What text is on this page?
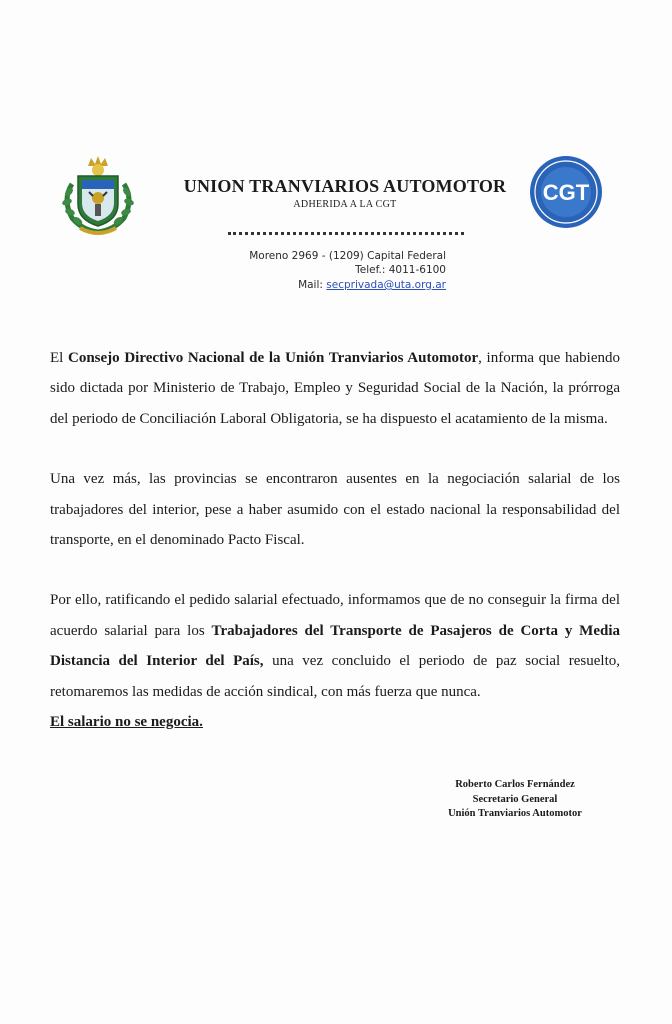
UNION TRANVIARIOS AUTOMOTOR
ADHERIDA A LA CGT	CGT
Moreno 2969 - (1209) Capital Federal
Telef.: 4011-6100
Mail: secprivada@uta.org.ar

El Consejo Directivo Nacional de la Unión Tranviarios Automotor, informa que habiendo sido dictada por Ministerio de Trabajo, Empleo y Seguridad Social de la Nación, la prórroga del periodo de Conciliación Laboral Obligatoria, se ha dispuesto el acatamiento de la misma.

Una vez más, las provincias se encontraron ausentes en la negociación salarial de los trabajadores del interior, pese a haber asumido con el estado nacional la responsabilidad del transporte, en el denominado Pacto Fiscal.

Por ello, ratificando el pedido salarial efectuado, informamos que de no conseguir la firma del acuerdo salarial para los Trabajadores del Transporte de Pasajeros de Corta y Media Distancia del Interior del País, una vez concluido el periodo de paz social resuelto, retomaremos las medidas de acción sindical, con más fuerza que nunca.
El salario no se negocia.

Roberto Carlos Fernández
Secretario General
Unión Tranviarios Automotor
